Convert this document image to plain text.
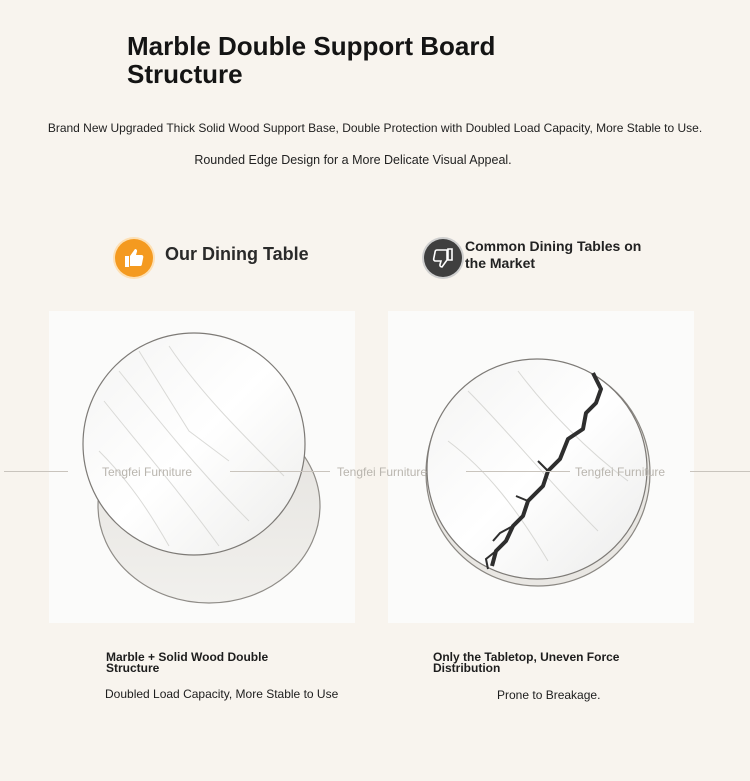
Marble Double Support Board Structure
Brand New Upgraded Thick Solid Wood Support Base, Double Protection with Doubled Load Capacity, More Stable to Use.
Rounded Edge Design for a More Delicate Visual Appeal.
Our Dining Table	Common Dining Tables on the Market
Tengfei Furniture	Tengfei Furniture	Tengfei Furniture
Marble + Solid Wood Double Structure
Doubled Load Capacity, More Stable to Use
Only the Tabletop, Uneven Force Distribution
Prone to Breakage.
